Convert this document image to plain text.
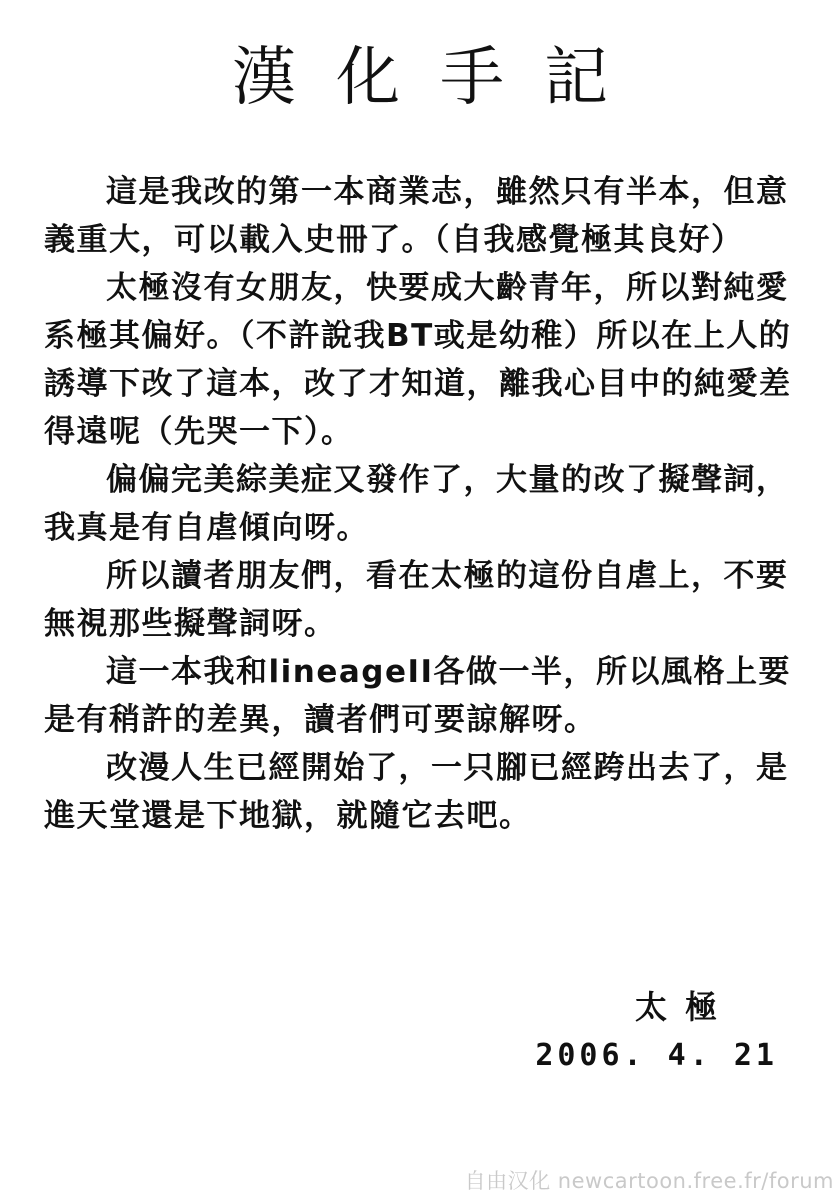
漢化手記

這是我改的第一本商業志，雖然只有半本，但意義重大，可以載入史冊了。（自我感覺極其良好）

太極沒有女朋友，快要成大齡青年，所以對純愛系極其偏好。（不許說我BT或是幼稚）所以在上人的誘導下改了這本，改了才知道，離我心目中的純愛差得遠呢（先哭一下）。

偏偏完美綜美症又發作了，大量的改了擬聲詞，我真是有自虐傾向呀。

所以讀者朋友們，看在太極的這份自虐上，不要無視那些擬聲詞呀。

這一本我和lineageII各做一半，所以風格上要是有稍許的差異，讀者們可要諒解呀。

改漫人生已經開始了，一只腳已經跨出去了，是進天堂還是下地獄，就隨它去吧。

太極
2006. 4. 21
自由汉化 newcartoon.free.fr/forum
